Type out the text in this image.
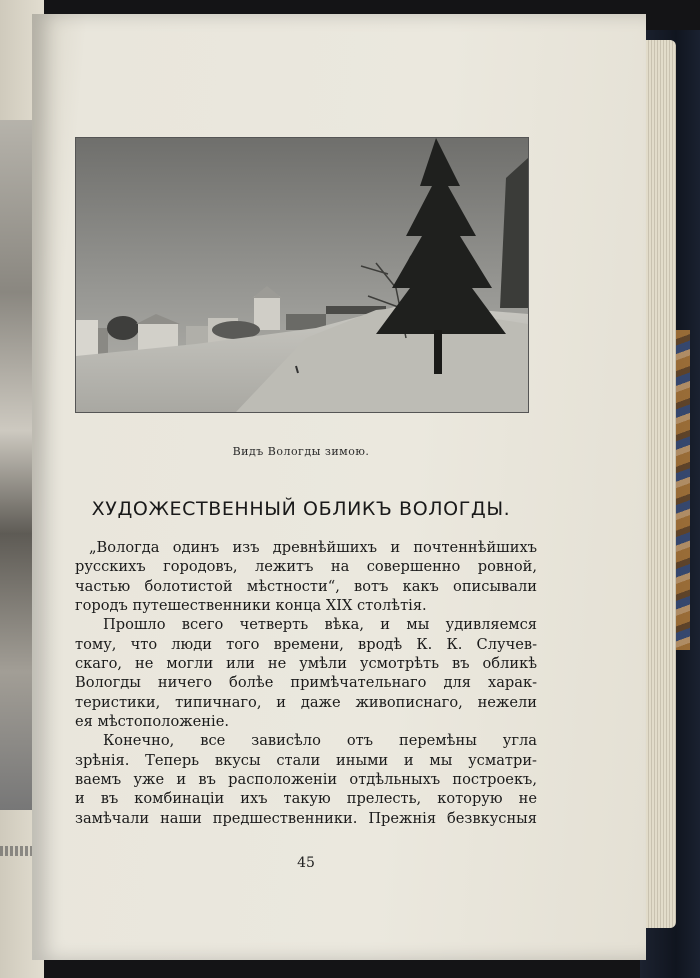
Видъ Вологды зимою.
ХУДОЖЕСТВЕННЫЙ ОБЛИКЪ ВОЛОГДЫ.
„Вологда одинъ изъ древнѣйшихъ и почтеннѣйшихъ
русскихъ городовъ, лежитъ на совершенно ровной,
частью болотистой мѣстности“, вотъ какъ описывали
городъ путешественники конца XIX столѣтія.
Прошло всего четверть вѣка, и мы удивляемся
тому, что люди того времени, вродѣ К. К. Случев-
скаго, не могли или не умѣли усмотрѣть въ обликѣ
Вологды ничего болѣе примѣчательнаго для харак-
теристики, типичнаго, и даже живописнаго, нежели
ея мѣстоположеніе.
Конечно, все зависѣло отъ перемѣны угла
зрѣнія. Теперь вкусы стали иными и мы усматри-
ваемъ уже и въ расположеніи отдѣльныхъ построекъ,
и въ комбинаціи ихъ такую прелесть, которую не
замѣчали наши предшественники. Прежнія безвкусныя
45
